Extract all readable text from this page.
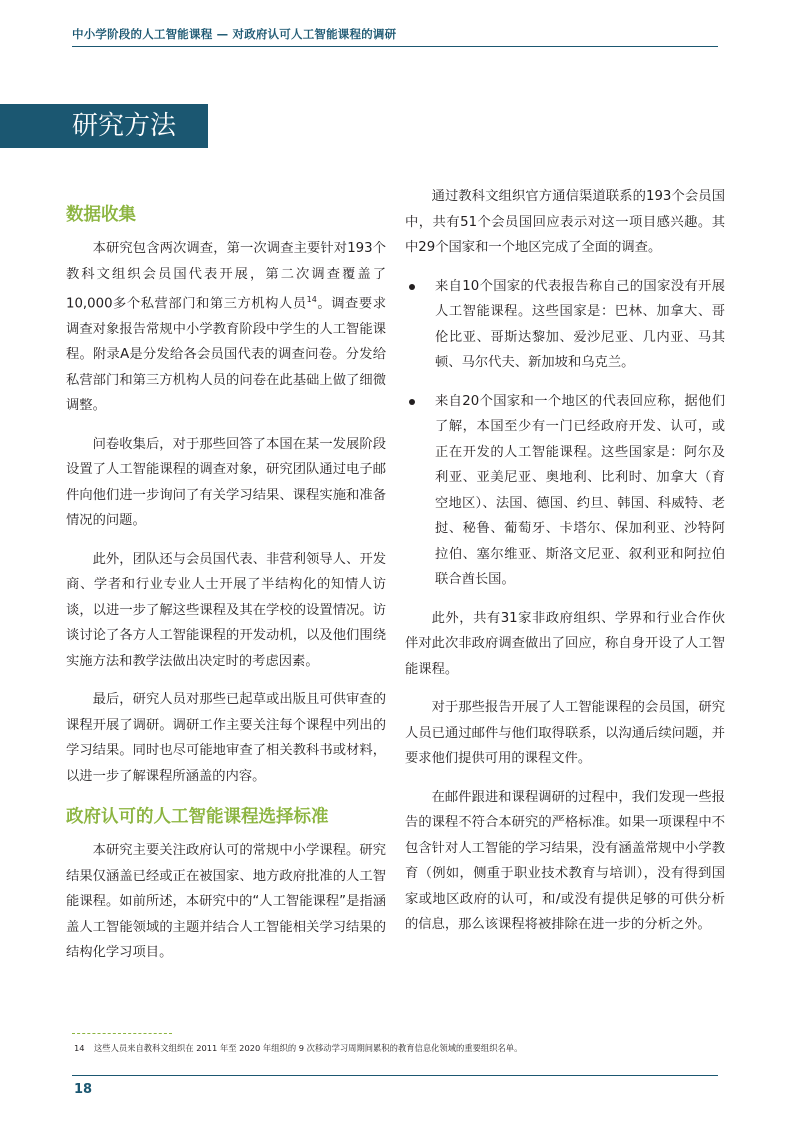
中小学阶段的人工智能课程 — 对政府认可人工智能课程的调研
研究方法
数据收集

本研究包含两次调查，第一次调查主要针对193个教科文组织会员国代表开展，第二次调查覆盖了10,000多个私营部门和第三方机构人员$^{14}$。调查要求调查对象报告常规中小学教育阶段中学生的人工智能课程。附录A是分发给各会员国代表的调查问卷。分发给私营部门和第三方机构人员的问卷在此基础上做了细微调整。

问卷收集后，对于那些回答了本国在某一发展阶段设置了人工智能课程的调查对象，研究团队通过电子邮件向他们进一步询问了有关学习结果、课程实施和准备情况的问题。

此外，团队还与会员国代表、非营利领导人、开发商、学者和行业专业人士开展了半结构化的知情人访谈，以进一步了解这些课程及其在学校的设置情况。访谈讨论了各方人工智能课程的开发动机，以及他们围绕实施方法和教学法做出决定时的考虑因素。

最后，研究人员对那些已起草或出版且可供审查的课程开展了调研。调研工作主要关注每个课程中列出的学习结果。同时也尽可能地审查了相关教科书或材料，以进一步了解课程所涵盖的内容。

政府认可的人工智能课程选择标准

本研究主要关注政府认可的常规中小学课程。研究结果仅涵盖已经或正在被国家、地方政府批准的人工智能课程。如前所述，本研究中的“人工智能课程”是指涵盖人工智能领域的主题并结合人工智能相关学习结果的结构化学习项目。

通过教科文组织官方通信渠道联系的193个会员国中，共有51个会员国回应表示对这一项目感兴趣。其中29个国家和一个地区完成了全面的调查。

来自10个国家的代表报告称自己的国家没有开展人工智能课程。这些国家是：巴林、加拿大、哥伦比亚、哥斯达黎加、爱沙尼亚、几内亚、马其顿、马尔代夫、新加坡和乌克兰。
来自20个国家和一个地区的代表回应称，据他们了解，本国至少有一门已经政府开发、认可，或正在开发的人工智能课程。这些国家是：阿尔及利亚、亚美尼亚、奥地利、比利时、加拿大（育空地区）、法国、德国、约旦、韩国、科威特、老挝、秘鲁、葡萄牙、卡塔尔、保加利亚、沙特阿拉伯、塞尔维亚、斯洛文尼亚、叙利亚和阿拉伯联合酋长国。

此外，共有31家非政府组织、学界和行业合作伙伴对此次非政府调查做出了回应，称自身开设了人工智能课程。

对于那些报告开展了人工智能课程的会员国，研究人员已通过邮件与他们取得联系，以沟通后续问题，并要求他们提供可用的课程文件。

在邮件跟进和课程调研的过程中，我们发现一些报告的课程不符合本研究的严格标准。如果一项课程中不包含针对人工智能的学习结果，没有涵盖常规中小学教育（例如，侧重于职业技术教育与培训），没有得到国家或地区政府的认可，和/或没有提供足够的可供分析的信息，那么该课程将被排除在进一步的分析之外。

14 这些人员来自教科文组织在 2011 年至 2020 年组织的 9 次移动学习周期间累积的教育信息化领域的重要组织名单。
18
